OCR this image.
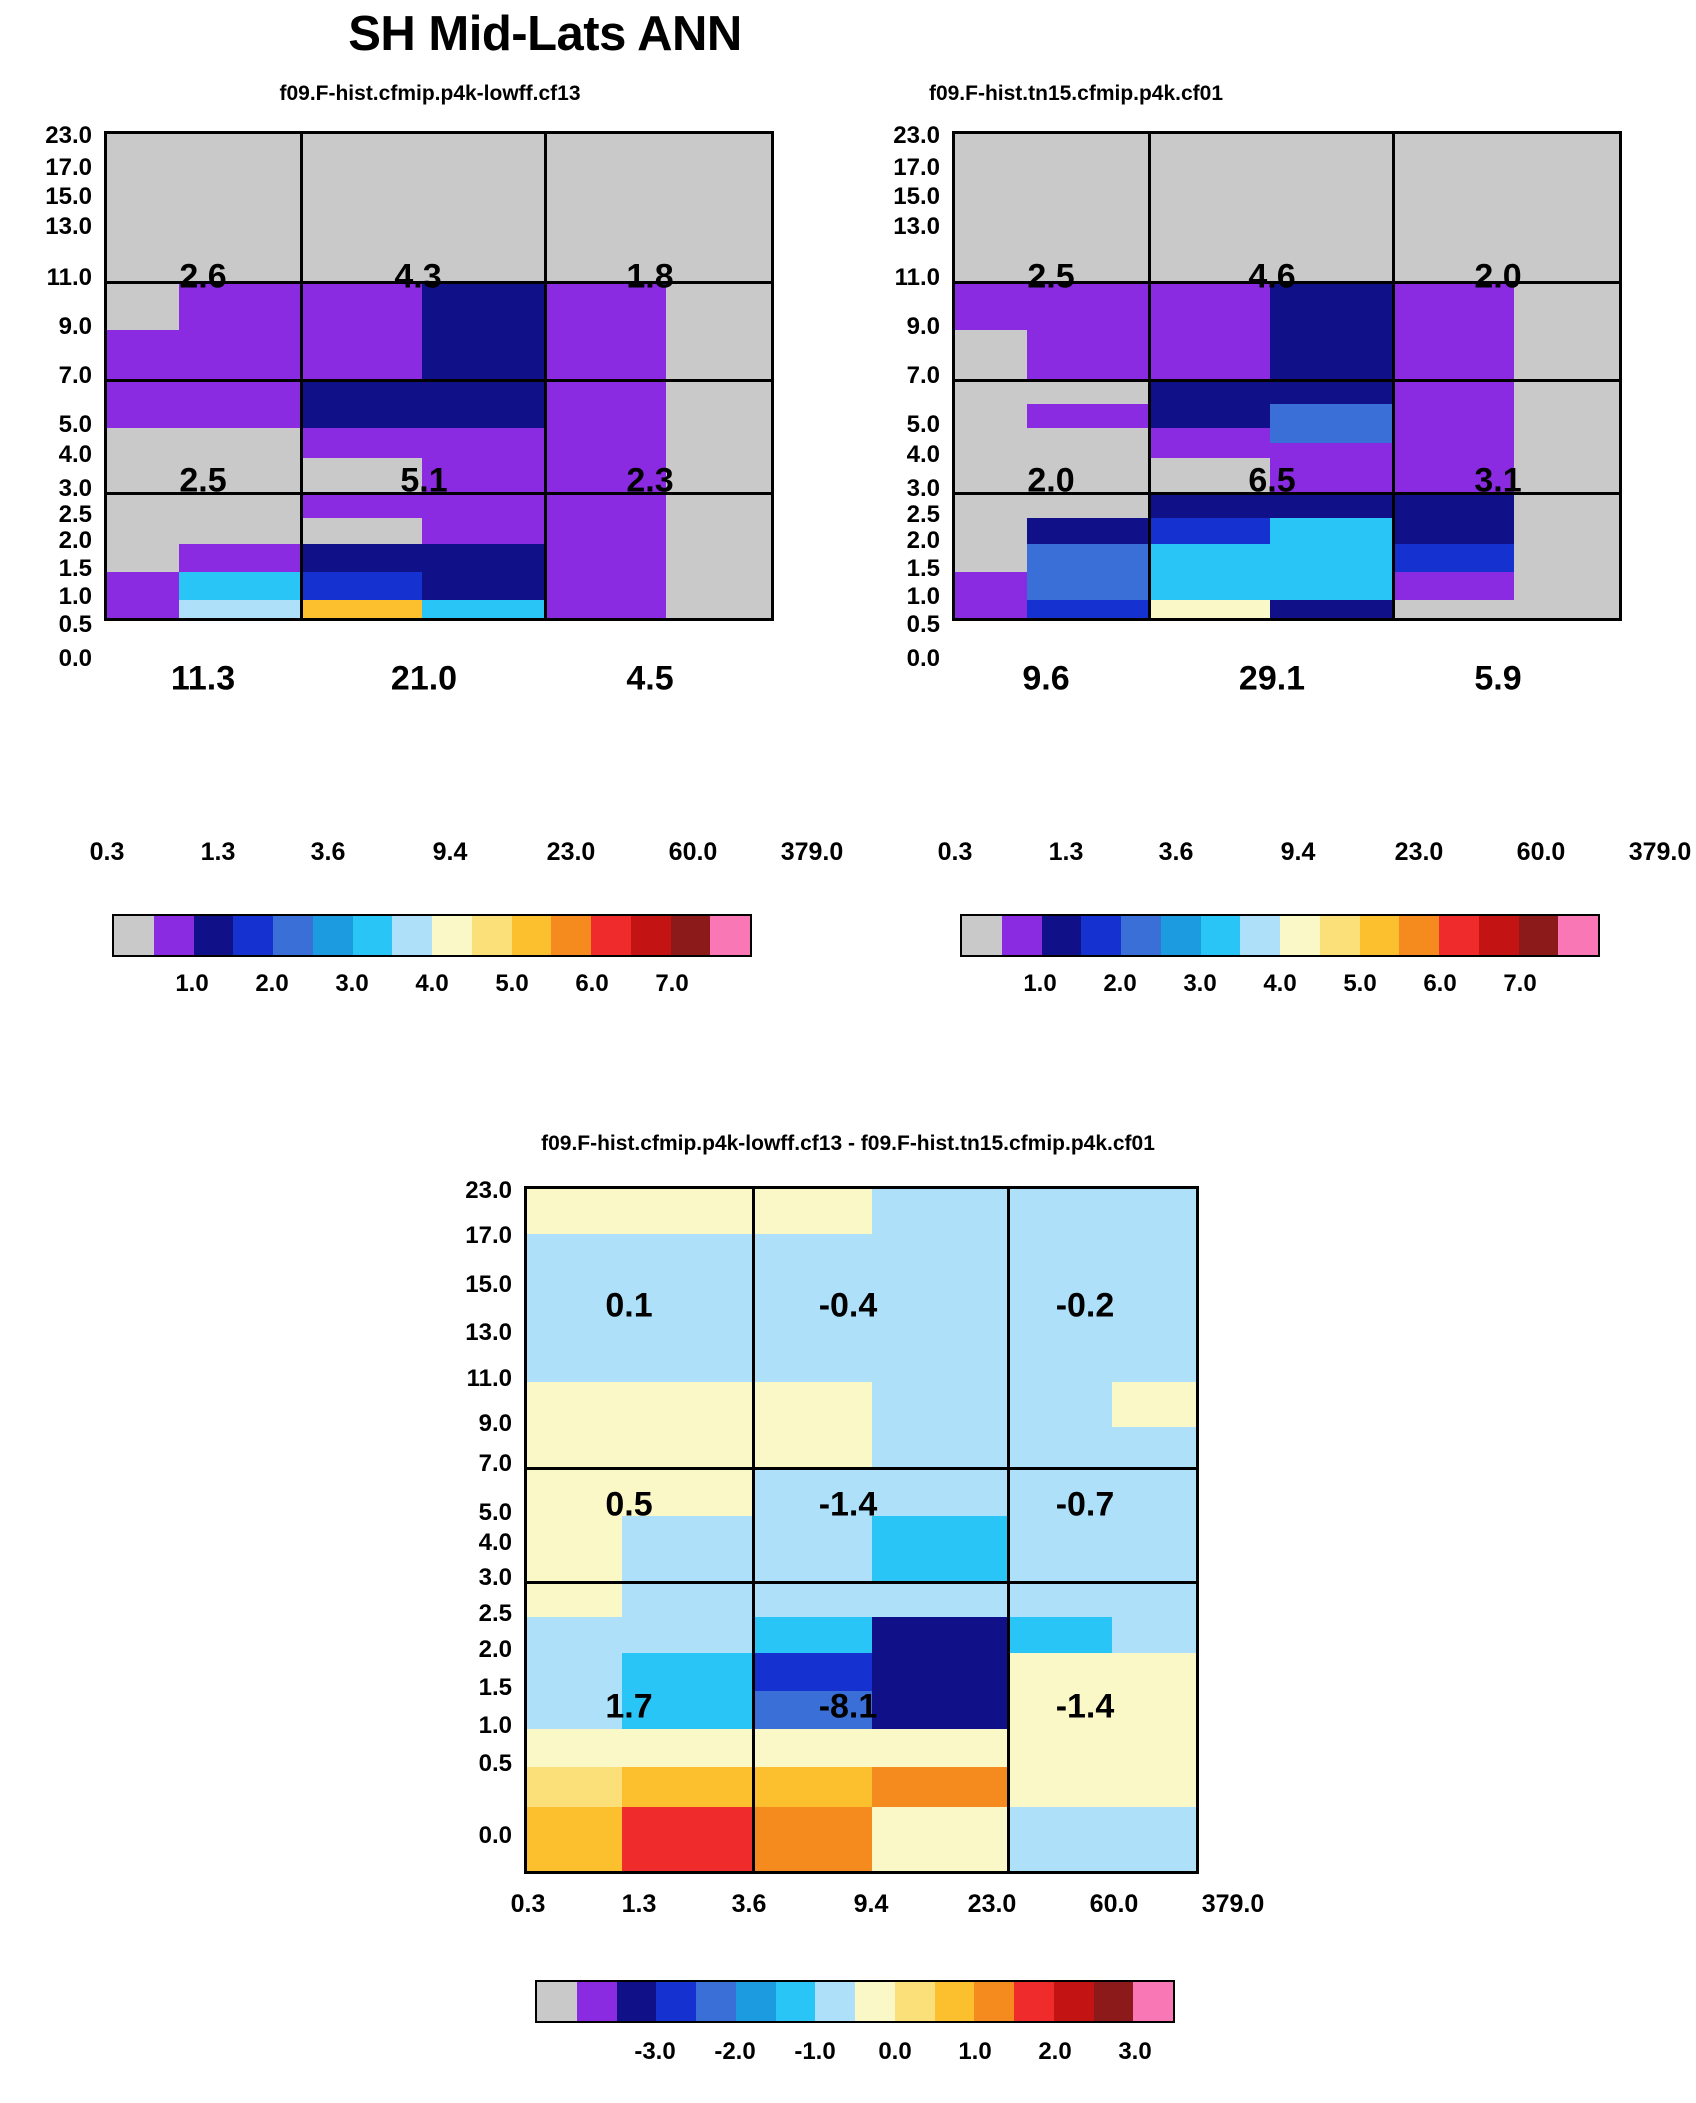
SH Mid-Lats ANN
f09.F-hist.cfmip.p4k-lowff.cf13
23.0
17.0
15.0
13.0
11.0
9.0
7.0
5.0
4.0
3.0
2.5
2.0
1.5
1.0
0.5
0.0
0.3	1.3	3.6	9.4	23.0	60.0	379.0
2.6	4.3	1.8
2.5	5.1	2.3
11.3	21.0	4.5
1.0 2.0 3.0 4.0 5.0 6.0 7.0
f09.F-hist.tn15.cfmip.p4k.cf01
23.0
17.0
15.0
13.0
11.0
9.0
7.0
5.0
4.0
3.0
2.5
2.0
1.5
1.0
0.5
0.0
0.3	1.3	3.6	9.4	23.0	60.0	379.0
2.5	4.6	2.0
2.0	6.5	3.1
9.6	29.1	5.9
1.0 2.0 3.0 4.0 5.0 6.0 7.0
f09.F-hist.cfmip.p4k-lowff.cf13 - f09.F-hist.tn15.cfmip.p4k.cf01
23.0
17.0
15.0
13.0
11.0
9.0
7.0
5.0
4.0
3.0
2.5
2.0
1.5
1.0
0.5
0.0
0.3	1.3	3.6	9.4	23.0	60.0	379.0
0.1	-0.4	-0.2
0.5	-1.4	-0.7
1.7	-8.1	-1.4
-3.0 -2.0 -1.0 0.0 1.0 2.0 3.0
